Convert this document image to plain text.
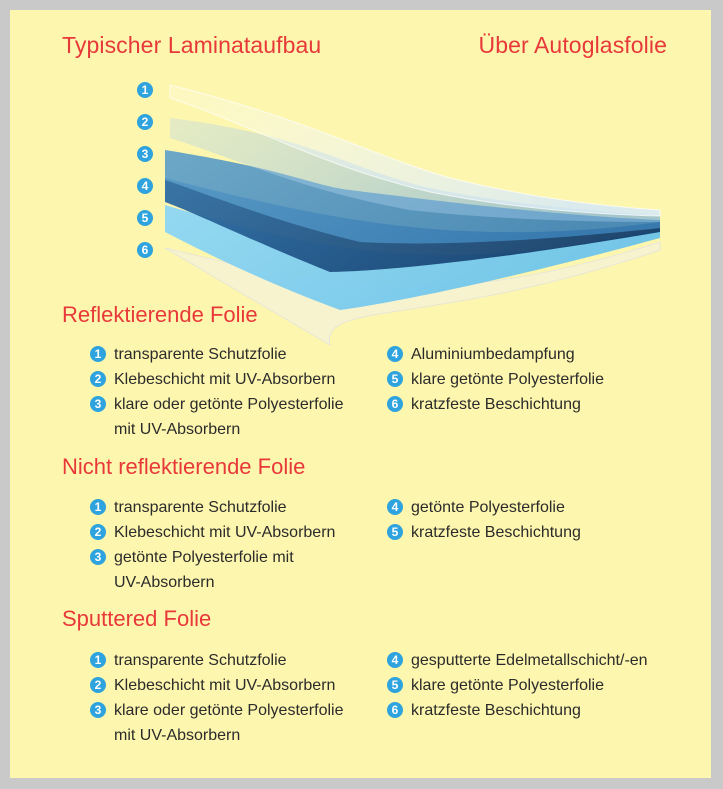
Typischer Laminataufbau	Über Autoglasfolie
1
2
3
4
5
6
Reflektierende Folie
1 transparente Schutzfolie
2 Klebeschicht mit UV-Absorbern
3 klare oder getönte Polyesterfolie
mit UV-Absorbern
4 Aluminiumbedampfung
5 klare getönte Polyesterfolie
6 kratzfeste Beschichtung
Nicht reflektierende Folie
1 transparente Schutzfolie
2 Klebeschicht mit UV-Absorbern
3 getönte Polyesterfolie mit
UV-Absorbern
4 getönte Polyesterfolie
5 kratzfeste Beschichtung
Sputtered Folie
1 transparente Schutzfolie
2 Klebeschicht mit UV-Absorbern
3 klare oder getönte Polyesterfolie
mit UV-Absorbern
4 gesputterte Edelmetallschicht/-en
5 klare getönte Polyesterfolie
6 kratzfeste Beschichtung
